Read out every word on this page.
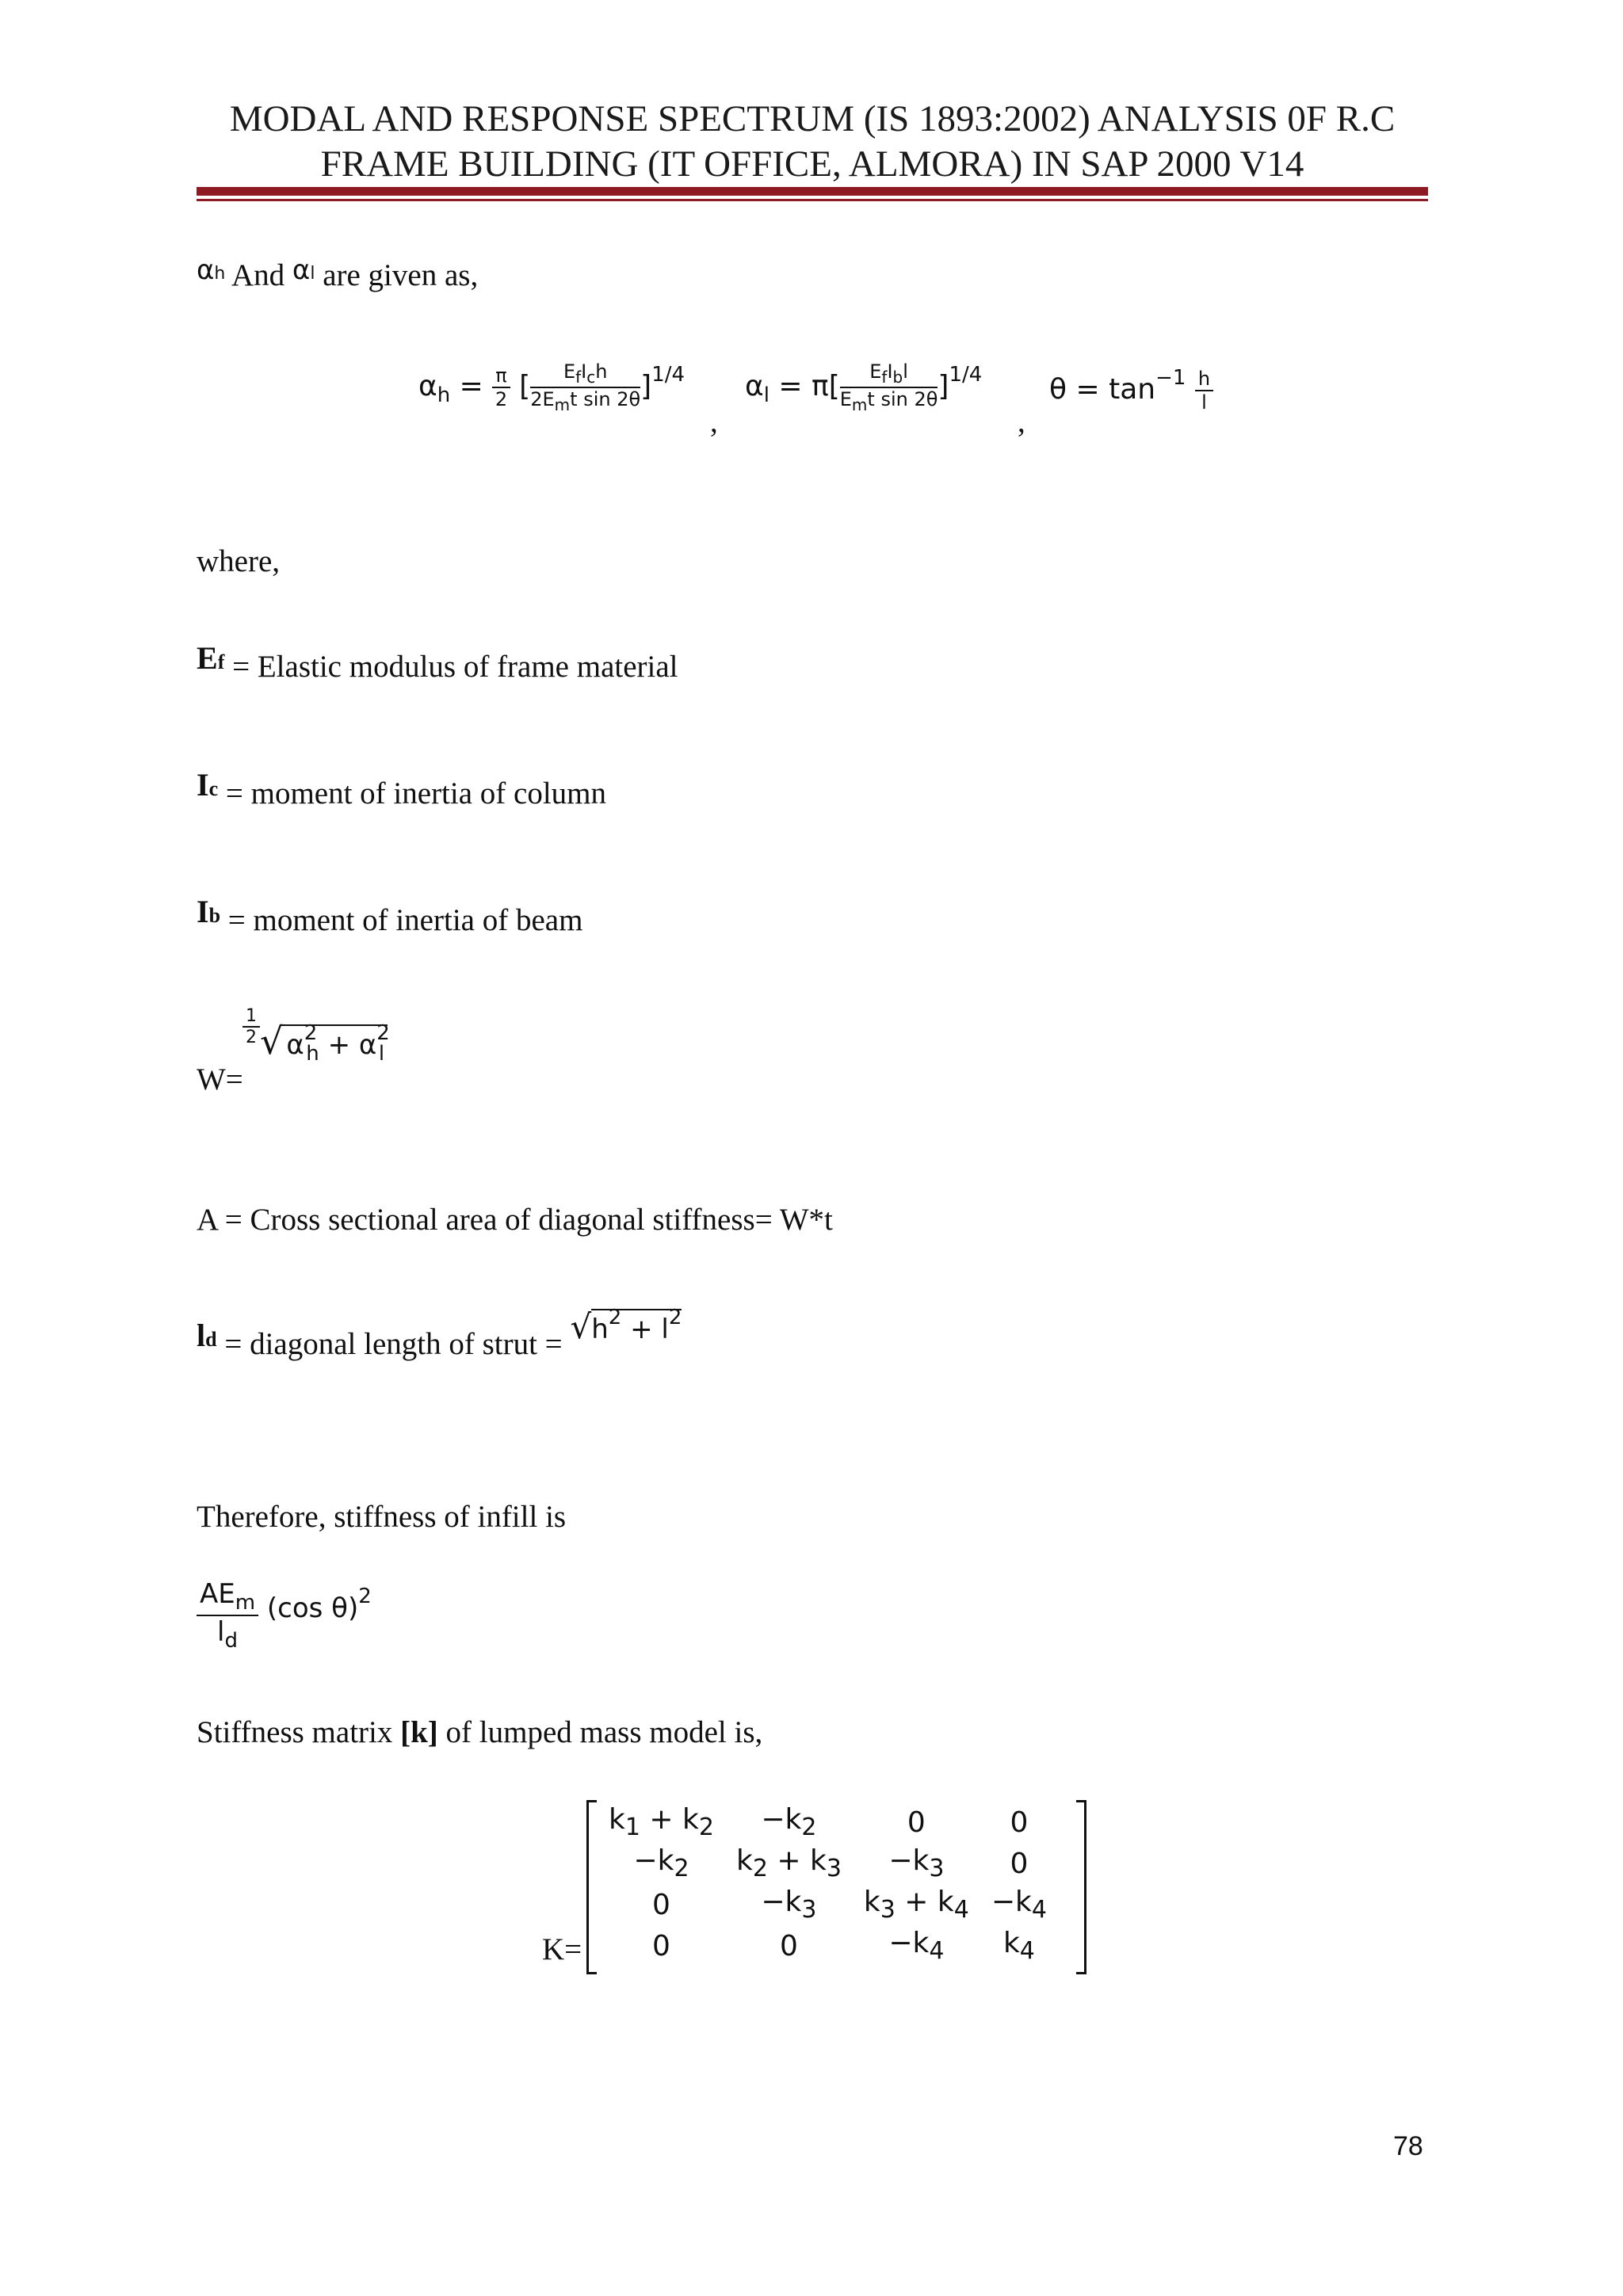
MODAL AND RESPONSE SPECTRUM (IS 1893:2002) ANALYSIS 0F R.C
FRAME BUILDING (IT OFFICE, ALMORA) IN SAP 2000 V14
αh And αl are given as,
$\alpha_h = \frac{\pi}{2}$ [ $\frac{E_fI_ch}{2E_mt \sin 2\theta} ]^{1/4}$
,
$\alpha_l = \pi[ \frac{E_fI_bl}{E_mt \sin 2\theta} ]^{1/4}$
,
$\theta = \tan^{-1} \frac{h}{l}$
where,
Ef = Elastic modulus of frame material
Ic = moment of inertia of column
Ib = moment of inertia of beam
W=
$\frac{1}{2}$ √ $\alpha^2_h + \alpha^2_l$
A = Cross sectional area of diagonal stiffness= W*t
ld = diagonal length of strut = $√h^2 + l^2$
Therefore, stiffness of infill is
$\frac{AE_m}{l_d} (\cos$ θ)$^2$
Stiffness matrix [k] of lumped mass model is,
K=
$k_1 + k_2$	$-k_2$	0	0
$-k_2$	$k_2 + k_3$	$-k_3$	0
0	$-k_3$	$k_3 + k_4$	$-k_4$
0	0	$-k_4$	$k_4$
78
